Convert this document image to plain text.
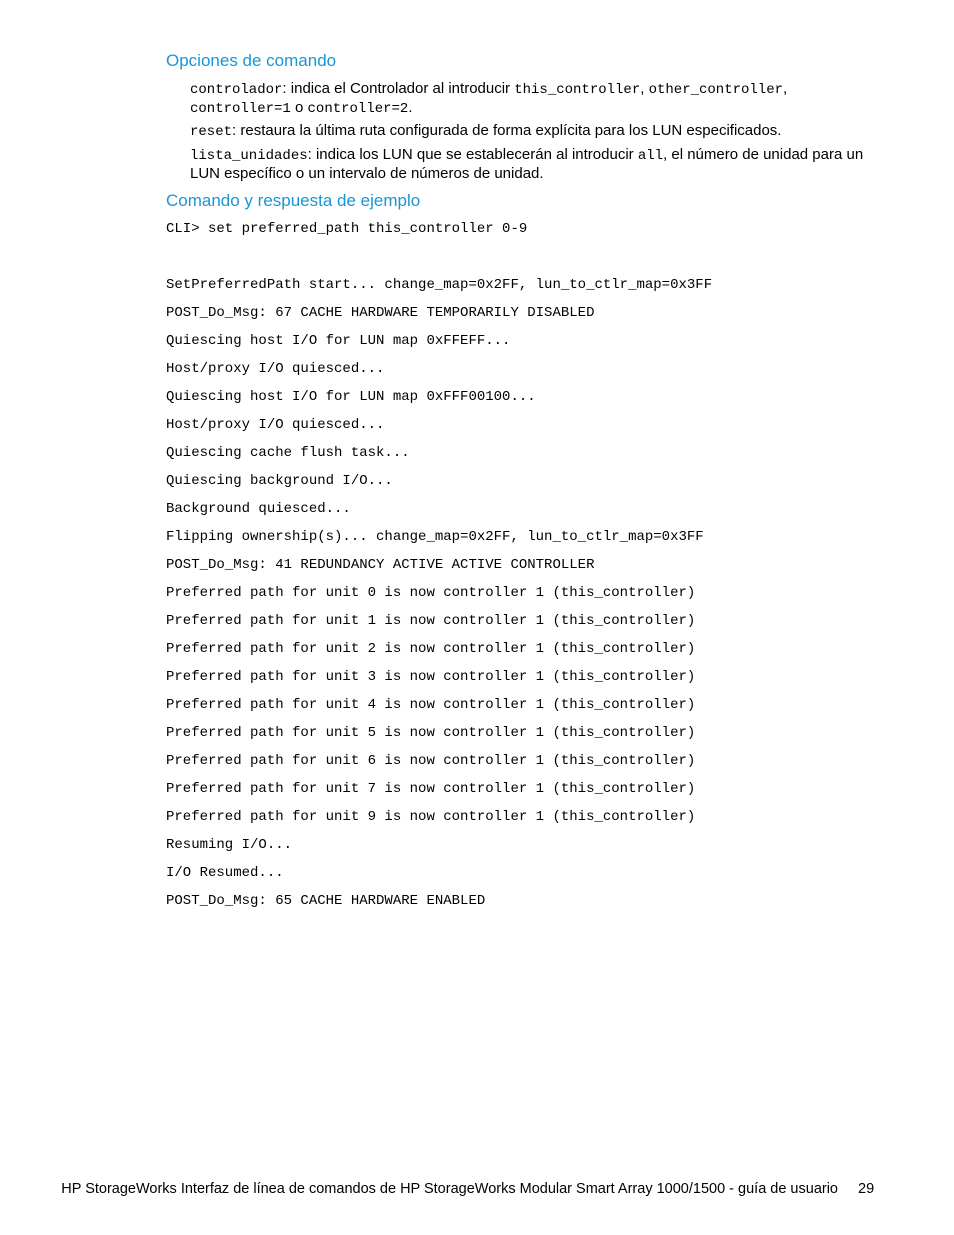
Opciones de comando

controlador: indica el Controlador al introducir this_controller, other_controller,
controller=1 o controller=2.

reset: restaura la última ruta configurada de forma explícita para los LUN especificados.

lista_unidades: indica los LUN que se establecerán al introducir all, el número de unidad para un LUN específico o un intervalo de números de unidad.

Comando y respuesta de ejemplo
CLI> set preferred_path this_controller 0-9
SetPreferredPath start... change_map=0x2FF, lun_to_ctlr_map=0x3FF
POST_Do_Msg: 67 CACHE HARDWARE TEMPORARILY DISABLED
Quiescing host I/O for LUN map 0xFFEFF...
Host/proxy I/O quiesced...
Quiescing host I/O for LUN map 0xFFF00100...
Host/proxy I/O quiesced...
Quiescing cache flush task...
Quiescing background I/O...
Background quiesced...
Flipping ownership(s)... change_map=0x2FF, lun_to_ctlr_map=0x3FF
POST_Do_Msg: 41 REDUNDANCY ACTIVE ACTIVE CONTROLLER
Preferred path for unit 0 is now controller 1 (this_controller)
Preferred path for unit 1 is now controller 1 (this_controller)
Preferred path for unit 2 is now controller 1 (this_controller)
Preferred path for unit 3 is now controller 1 (this_controller)
Preferred path for unit 4 is now controller 1 (this_controller)
Preferred path for unit 5 is now controller 1 (this_controller)
Preferred path for unit 6 is now controller 1 (this_controller)
Preferred path for unit 7 is now controller 1 (this_controller)
Preferred path for unit 9 is now controller 1 (this_controller)
Resuming I/O...
I/O Resumed...
POST_Do_Msg: 65 CACHE HARDWARE ENABLED
HP StorageWorks Interfaz de línea de comandos de HP StorageWorks Modular Smart Array 1000/1500 - guía de usuario 29
